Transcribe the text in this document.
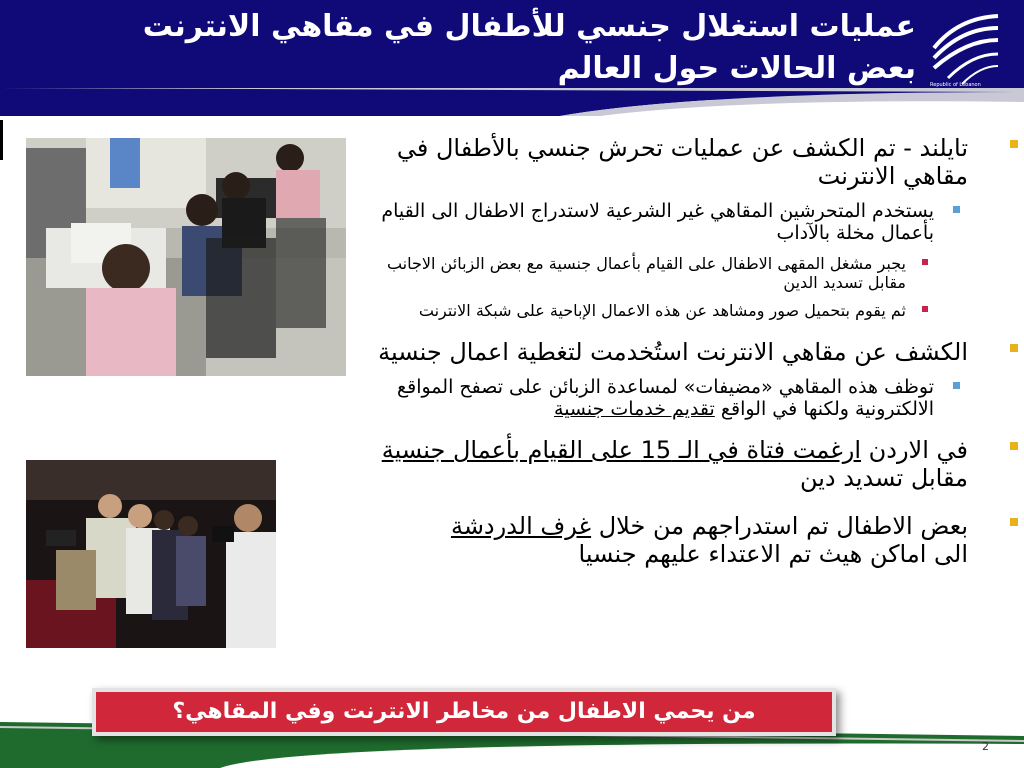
عمليات استغلال جنسي للأطفال في مقاهي الانترنت
بعض الحالات حول العالم	Republic of Lebanon
تايلند - تم الكشف عن عمليات تحرش جنسي بالأطفال في مقاهي الانترنت
يستخدم المتحرشين المقاهي غير الشرعية لاستدراج الاطفال الى القيام بأعمال مخلة بالآداب
يجبر مشغل المقهى الاطفال على القيام بأعمال جنسية مع بعض الزبائن الاجانب مقابل تسديد الدين
ثم يقوم بتحميل صور ومشاهد عن هذه الاعمال الإباحية على شبكة الانترنت
الكشف عن مقاهي الانترنت استُخدمت لتغطية اعمال جنسية
توظف هذه المقاهي «مضيفات» لمساعدة الزبائن على تصفح المواقع الالكترونية ولكنها في الواقع تقديم خدمات جنسية
في الاردن ارغمت فتاة في الـ 15 على القيام بأعمال جنسية مقابل تسديد دين
بعض الاطفال تم استدراجهم من خلال غرف الدردشة الى اماكن هيث تم الاعتداء عليهم جنسيا
من يحمي الاطفال من مخاطر الانترنت وفي المقاهي؟
2
